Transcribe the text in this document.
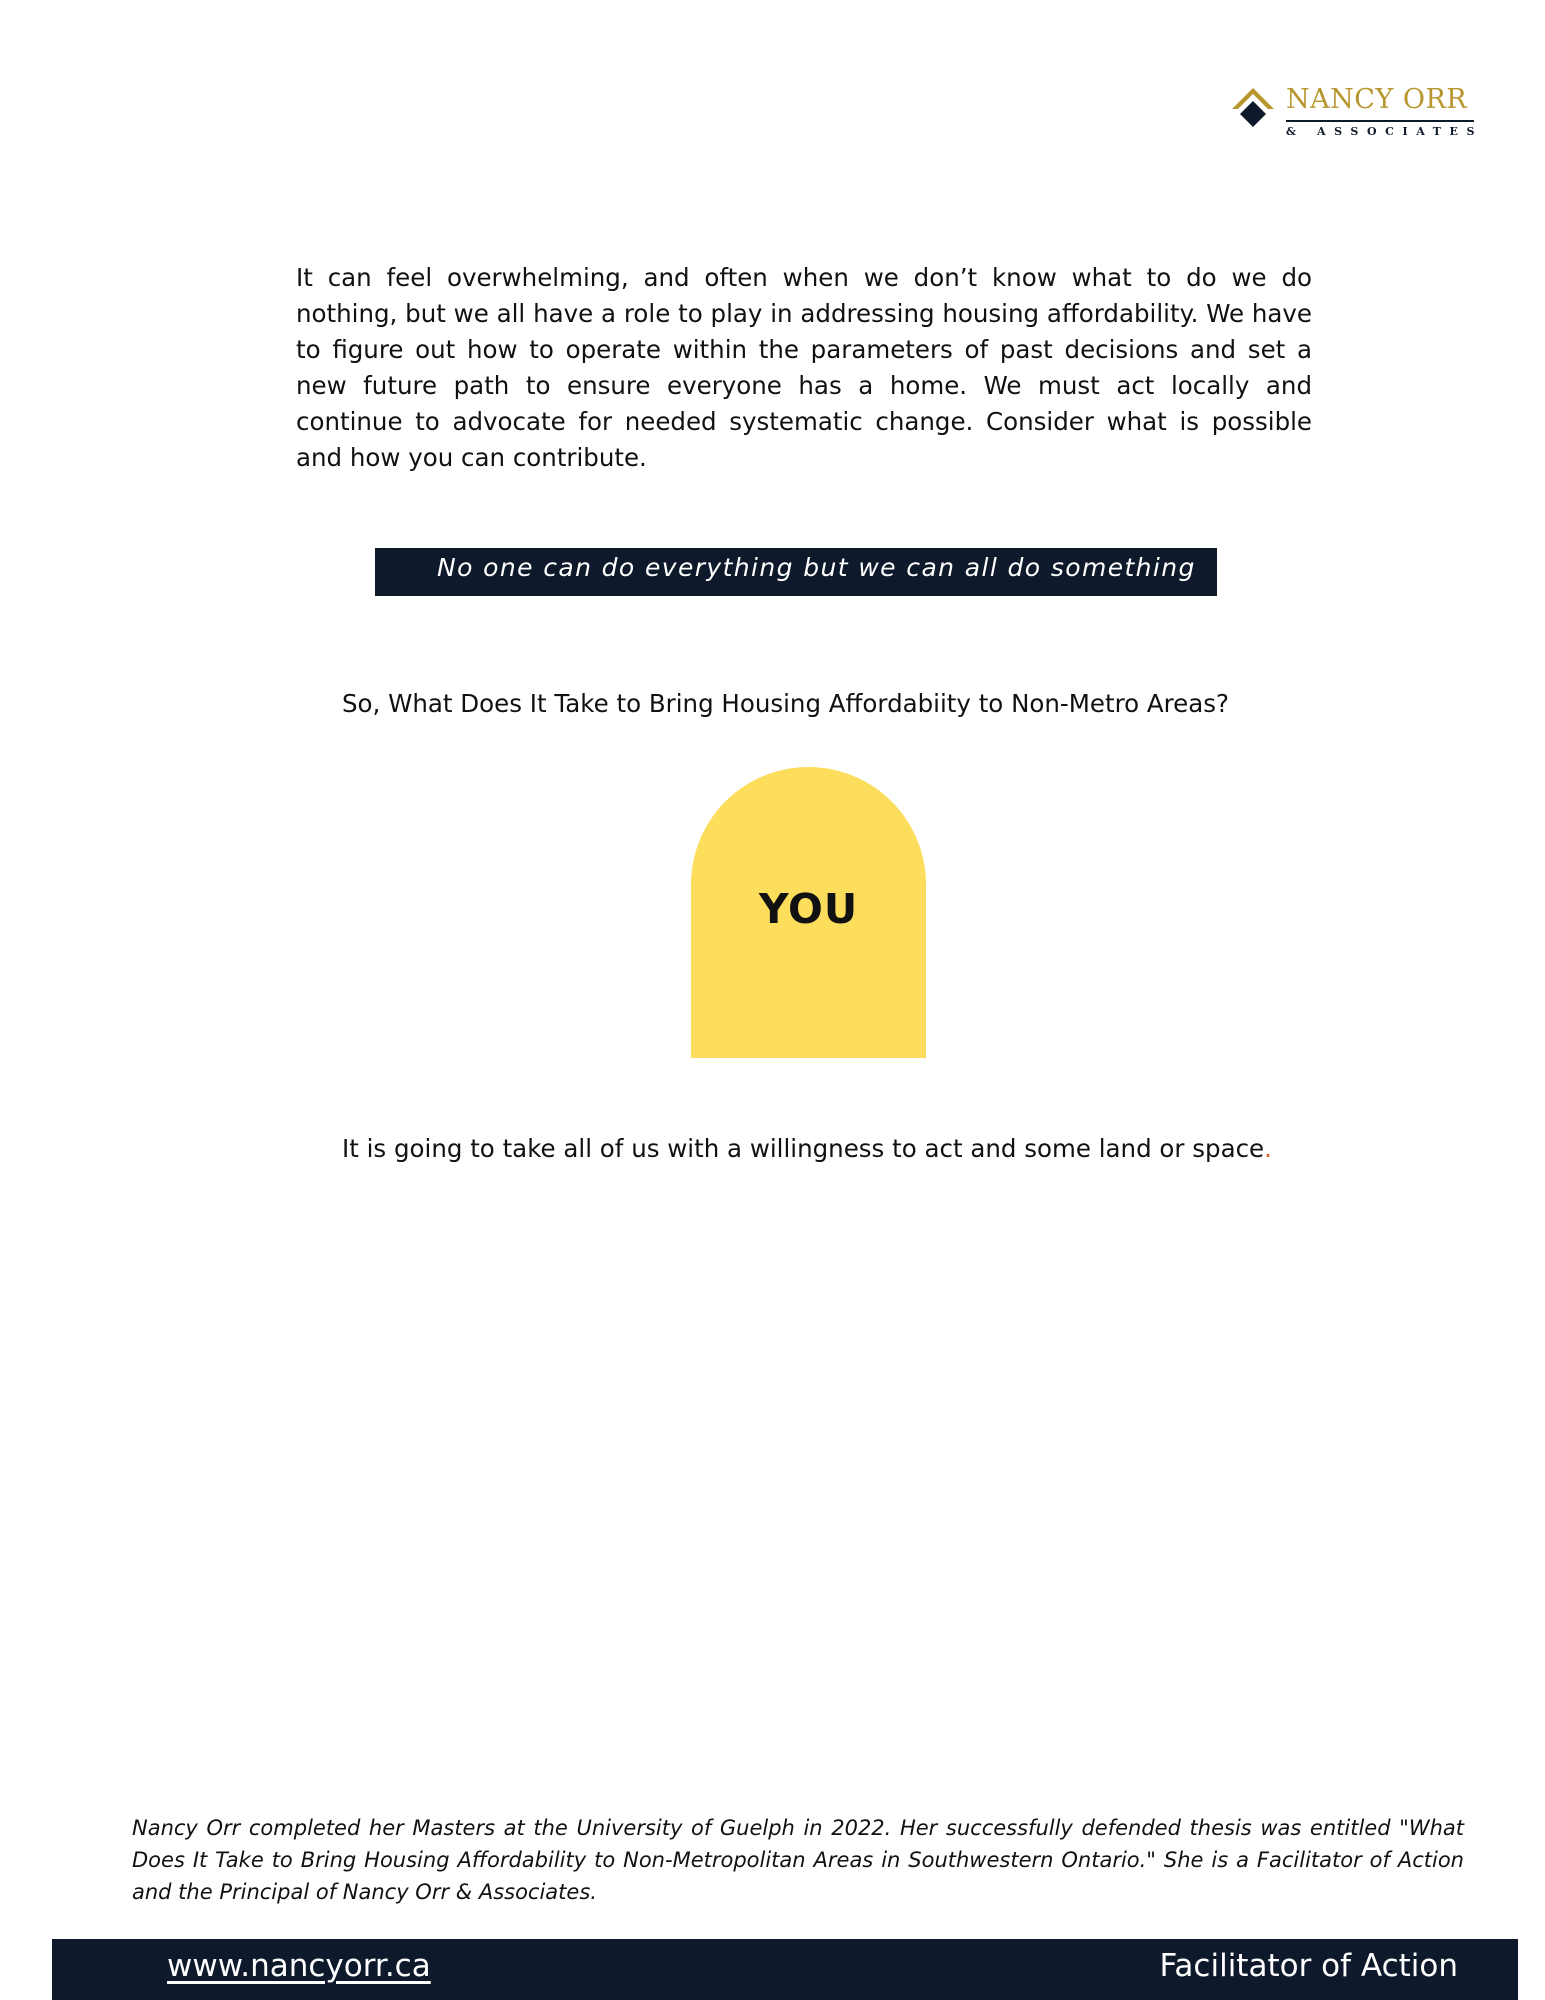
NANCY ORR
& ASSOCIATES

It can feel overwhelming, and often when we don’t know what to do we do nothing, but we all have a role to play in addressing housing affordability. We have to figure out how to operate within the parameters of past decisions and set a new future path to ensure everyone has a home. We must act locally and continue to advocate for needed systematic change. Consider what is possible and how you can contribute.

No one can do everything but we can all do something

So, What Does It Take to Bring Housing Affordabiity to Non-Metro Areas?

YOU

It is going to take all of us with a willingness to act and some land or space.

Nancy Orr completed her Masters at the University of Guelph in 2022. Her successfully defended thesis was entitled "What Does It Take to Bring Housing Affordability to Non-Metropolitan Areas in Southwestern Ontario." She is a Facilitator of Action and the Principal of Nancy Orr & Associates.

www.nancyorr.ca	Facilitator of Action
